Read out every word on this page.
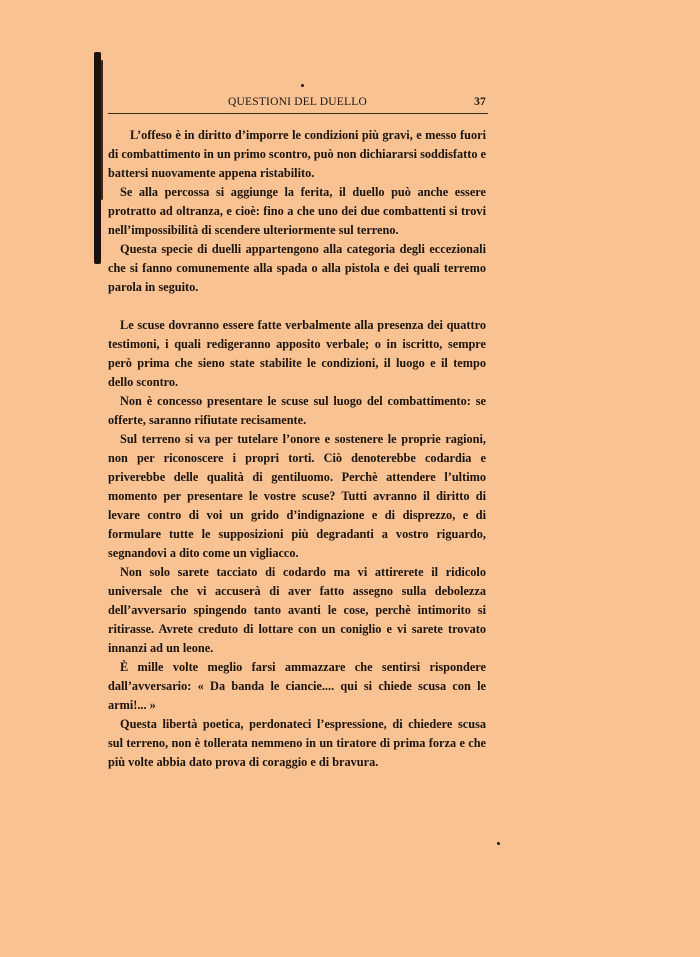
QUESTIONI DEL DUELLO	37

L’offeso è in diritto d’imporre le condizioni più gravi, e messo fuori di combattimento in un primo scontro, può non dichiararsi soddisfatto e battersi nuovamente appena ristabilito.

Se alla percossa si aggiunge la ferita, il duello può anche essere protratto ad oltranza, e cioè: fino a che uno dei due combattenti si trovi nell’impossibilità di scendere ulteriormente sul terreno.

Questa specie di duelli appartengono alla categoria degli eccezionali che si fanno comunemente alla spada o alla pistola e dei quali terremo parola in seguito.

Le scuse dovranno essere fatte verbalmente alla presenza dei quattro testimoni, i quali redigeranno apposito verbale; o in iscritto, sempre però prima che sieno state stabilite le condizioni, il luogo e il tempo dello scontro.

Non è concesso presentare le scuse sul luogo del combattimento: se offerte, saranno rifiutate recisamente.

Sul terreno si va per tutelare l’onore e sostenere le proprie ragioni, non per riconoscere i propri torti. Ciò denoterebbe codardia e priverebbe delle qualità di gentiluomo. Perchè attendere l’ultimo momento per presentare le vostre scuse? Tutti avranno il diritto di levare contro di voi un grido d’indignazione e di disprezzo, e di formulare tutte le supposizioni più degradanti a vostro riguardo, segnandovi a dito come un vigliacco.

Non solo sarete tacciato di codardo ma vi attirerete il ridicolo universale che vi accuserà di aver fatto assegno sulla debolezza dell’avversario spingendo tanto avanti le cose, perchè intimorito si ritirasse. Avrete creduto di lottare con un coniglio e vi sarete trovato innanzi ad un leone.

È mille volte meglio farsi ammazzare che sentirsi rispondere dall’avversario: « Da banda le ciancie.... qui si chiede scusa con le armi!... »

Questa libertà poetica, perdonateci l’espressione, di chiedere scusa sul terreno, non è tollerata nemmeno in un tiratore di prima forza e che più volte abbia dato prova di coraggio e di bravura.
